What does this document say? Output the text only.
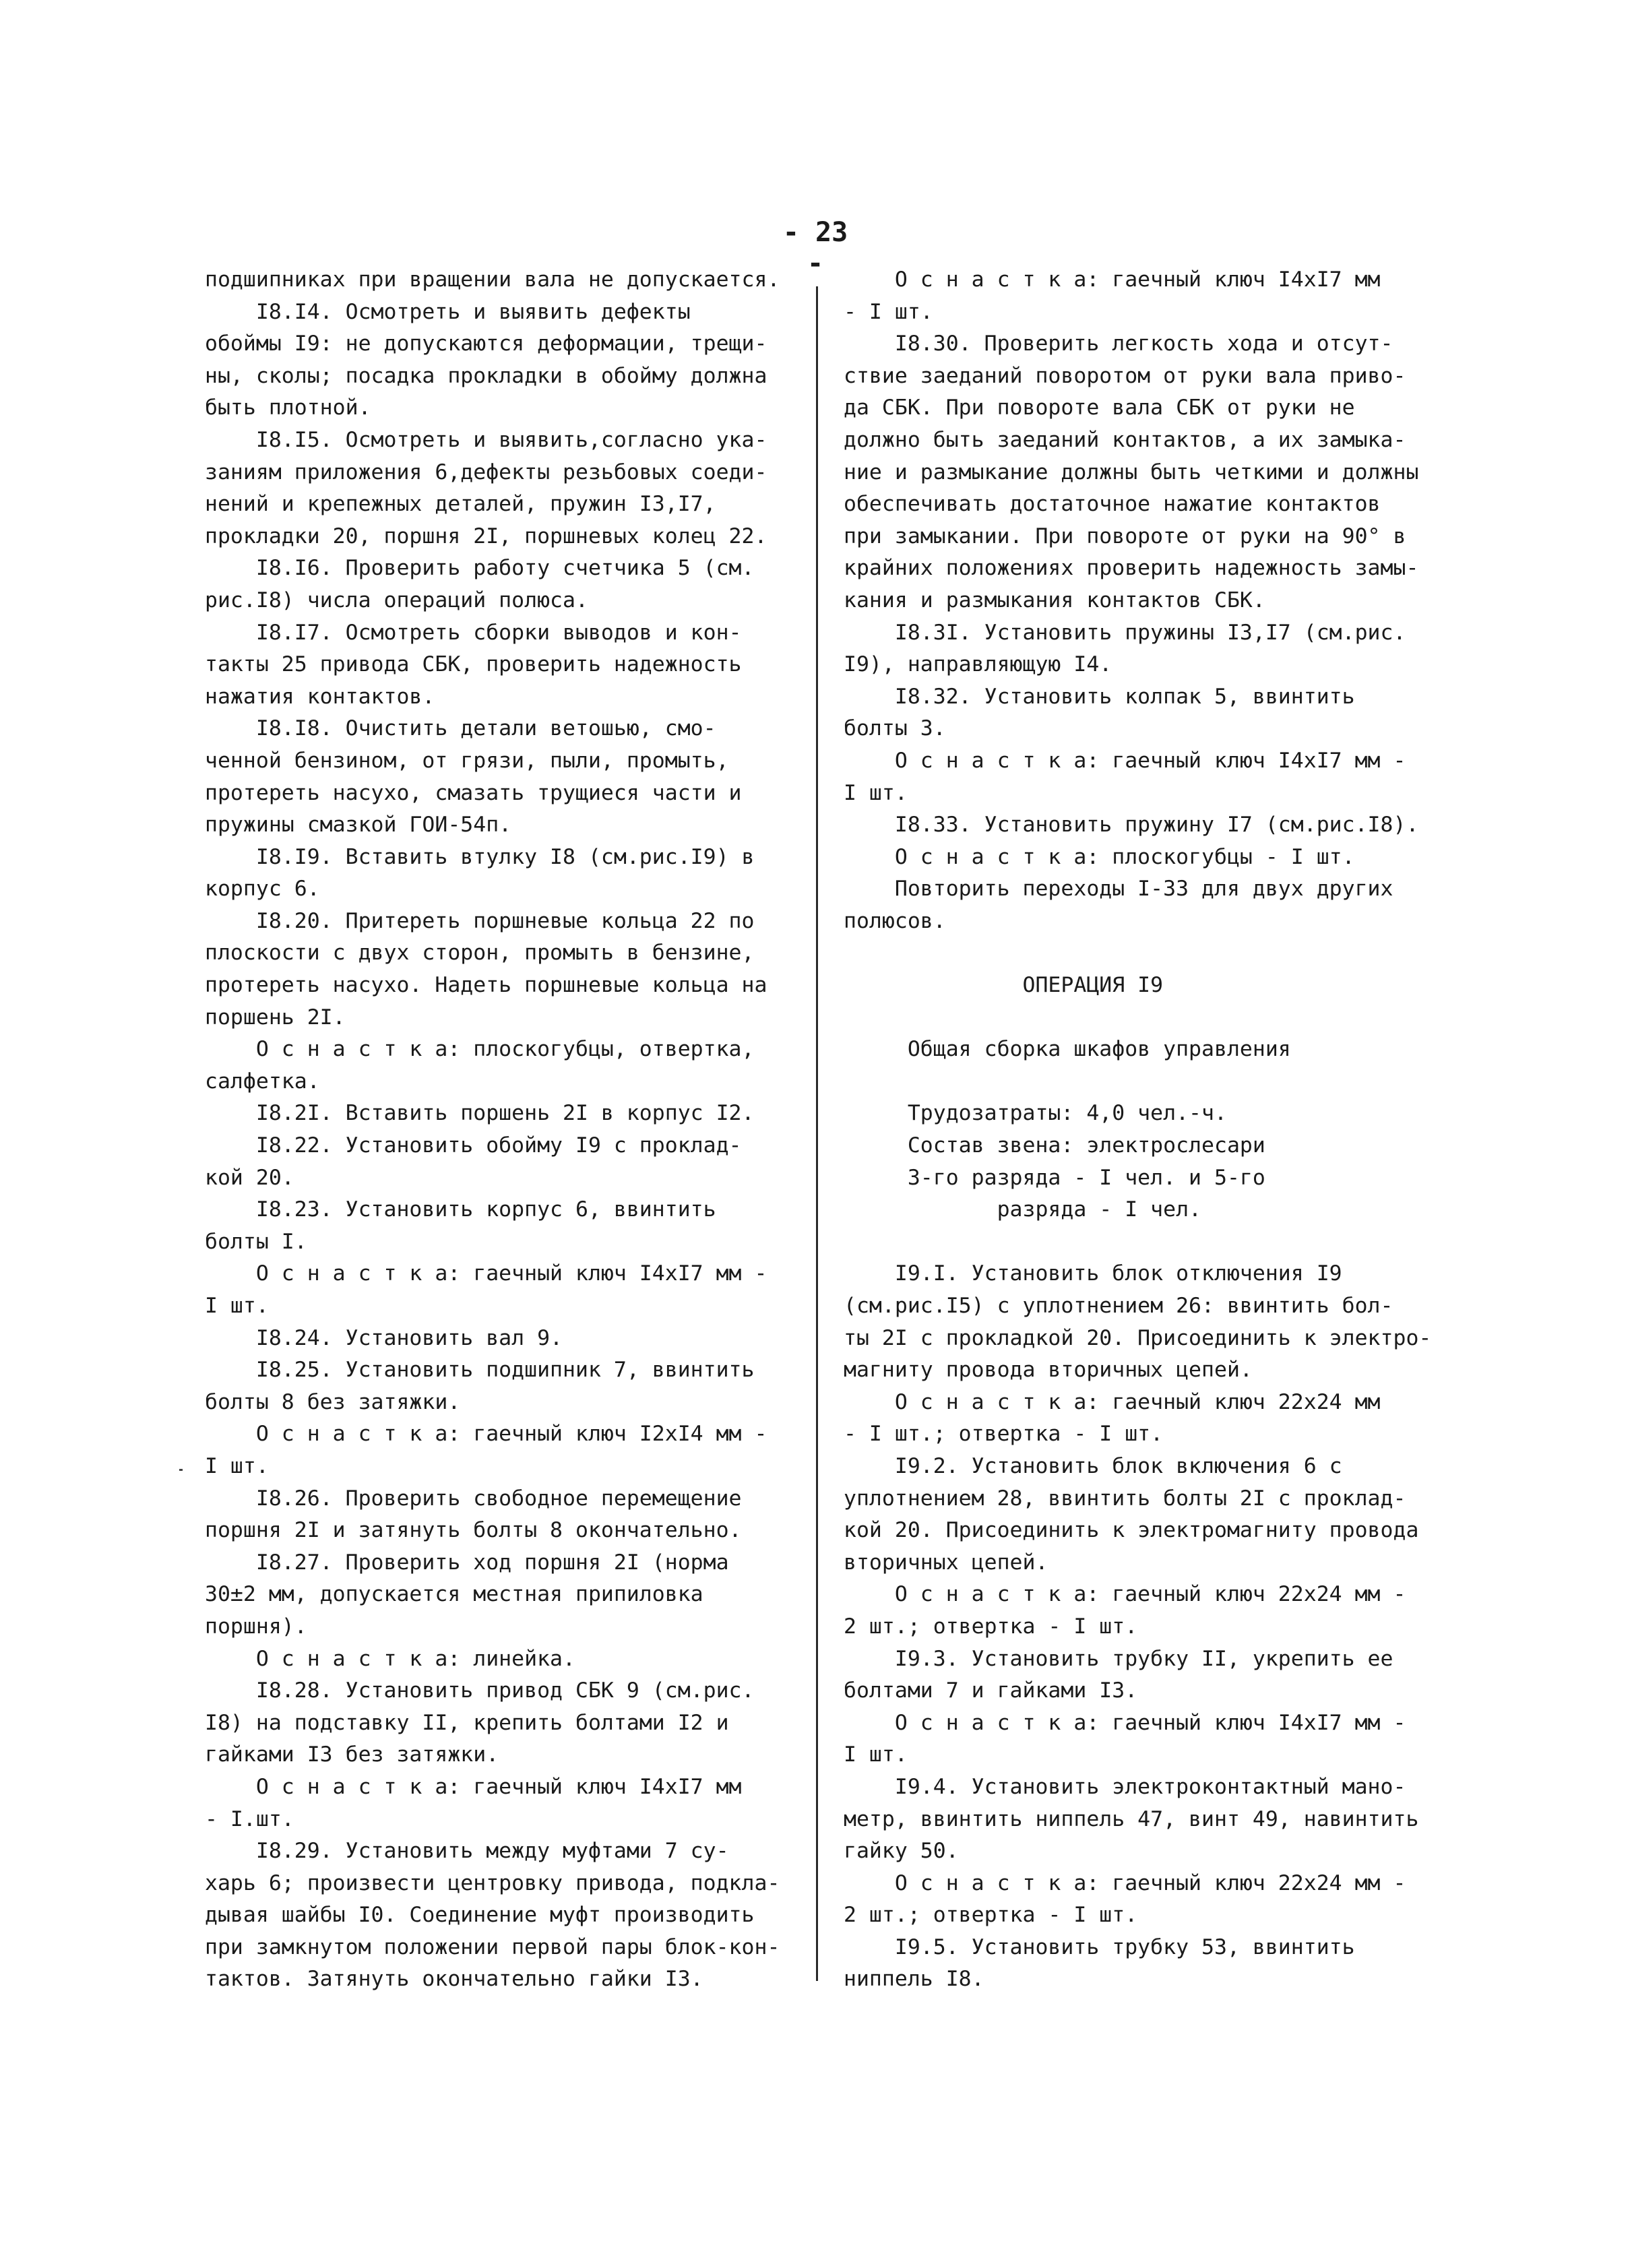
- 23 -
подшипниках при вращении вала не допускается.
I8.I4. Осмотреть и выявить дефекты
обоймы I9: не допускаются деформации, трещи-
ны, сколы; посадка прокладки в обойму должна
быть плотной.
I8.I5. Осмотреть и выявить,согласно ука-
заниям приложения 6,дефекты резьбовых соеди-
нений и крепежных деталей, пружин I3,I7,
прокладки 20, поршня 2I, поршневых колец 22.
I8.I6. Проверить работу счетчика 5 (см.
рис.I8) числа операций полюса.
I8.I7. Осмотреть сборки выводов и кон-
такты 25 привода СБК, проверить надежность
нажатия контактов.
I8.I8. Очистить детали ветошью, смо-
ченной бензином, от грязи, пыли, промыть,
протереть насухо, смазать трущиеся части и
пружины смазкой ГОИ-54п.
I8.I9. Вставить втулку I8 (см.рис.I9) в
корпус 6.
I8.20. Притереть поршневые кольца 22 по
плоскости с двух сторон, промыть в бензине,
протереть насухо. Надеть поршневые кольца на
поршень 2I.
О с н а с т к а: плоскогубцы, отвертка,
салфетка.
I8.2I. Вставить поршень 2I в корпус I2.
I8.22. Установить обойму I9 с проклад-
кой 20.
I8.23. Установить корпус 6, ввинтить
болты I.
О с н а с т к а: гаечный ключ I4xI7 мм -
I шт.
I8.24. Установить вал 9.
I8.25. Установить подшипник 7, ввинтить
болты 8 без затяжки.
О с н а с т к а: гаечный ключ I2xI4 мм -
I шт.
I8.26. Проверить свободное перемещение
поршня 2I и затянуть болты 8 окончательно.
I8.27. Проверить ход поршня 2I (норма
30±2 мм, допускается местная припиловка
поршня).
О с н а с т к а: линейка.
I8.28. Установить привод СБК 9 (см.рис.
I8) на подставку II, крепить болтами I2 и
гайками I3 без затяжки.
О с н а с т к а: гаечный ключ I4xI7 мм
- I.шт.
I8.29. Установить между муфтами 7 су-
харь 6; произвести центровку привода, подкла-
дывая шайбы I0. Соединение муфт производить
при замкнутом положении первой пары блок-кон-
тактов. Затянуть окончательно гайки I3.
О с н а с т к а: гаечный ключ I4xI7 мм
- I шт.
I8.30. Проверить легкость хода и отсут-
ствие заеданий поворотом от руки вала приво-
да СБК. При повороте вала СБК от руки не
должно быть заеданий контактов, а их замыка-
ние и размыкание должны быть четкими и должны
обеспечивать достаточное нажатие контактов
при замыкании. При повороте от руки на 90° в
крайних положениях проверить надежность замы-
кания и размыкания контактов СБК.
I8.3I. Установить пружины I3,I7 (см.рис.
I9), направляющую I4.
I8.32. Установить колпак 5, ввинтить
болты 3.
О с н а с т к а: гаечный ключ I4xI7 мм -
I шт.
I8.33. Установить пружину I7 (см.рис.I8).
О с н а с т к а: плоскогубцы - I шт.
Повторить переходы I-33 для двух других
полюсов.
ОПЕРАЦИЯ I9
Общая сборка шкафов управления
Трудозатраты: 4,0 чел.-ч.
Состав звена: электрослесари
3-го разряда - I чел. и 5-го
разряда - I чел.
I9.I. Установить блок отключения I9
(см.рис.I5) с уплотнением 26: ввинтить бол-
ты 2I с прокладкой 20. Присоединить к электро-
магниту провода вторичных цепей.
О с н а с т к а: гаечный ключ 22x24 мм
- I шт.; отвертка - I шт.
I9.2. Установить блок включения 6 с
уплотнением 28, ввинтить болты 2I с проклад-
кой 20. Присоединить к электромагниту провода
вторичных цепей.
О с н а с т к а: гаечный ключ 22x24 мм -
2 шт.; отвертка - I шт.
I9.3. Установить трубку II, укрепить ее
болтами 7 и гайками I3.
О с н а с т к а: гаечный ключ I4xI7 мм -
I шт.
I9.4. Установить электроконтактный мано-
метр, ввинтить ниппель 47, винт 49, навинтить
гайку 50.
О с н а с т к а: гаечный ключ 22x24 мм -
2 шт.; отвертка - I шт.
I9.5. Установить трубку 53, ввинтить
ниппель I8.
